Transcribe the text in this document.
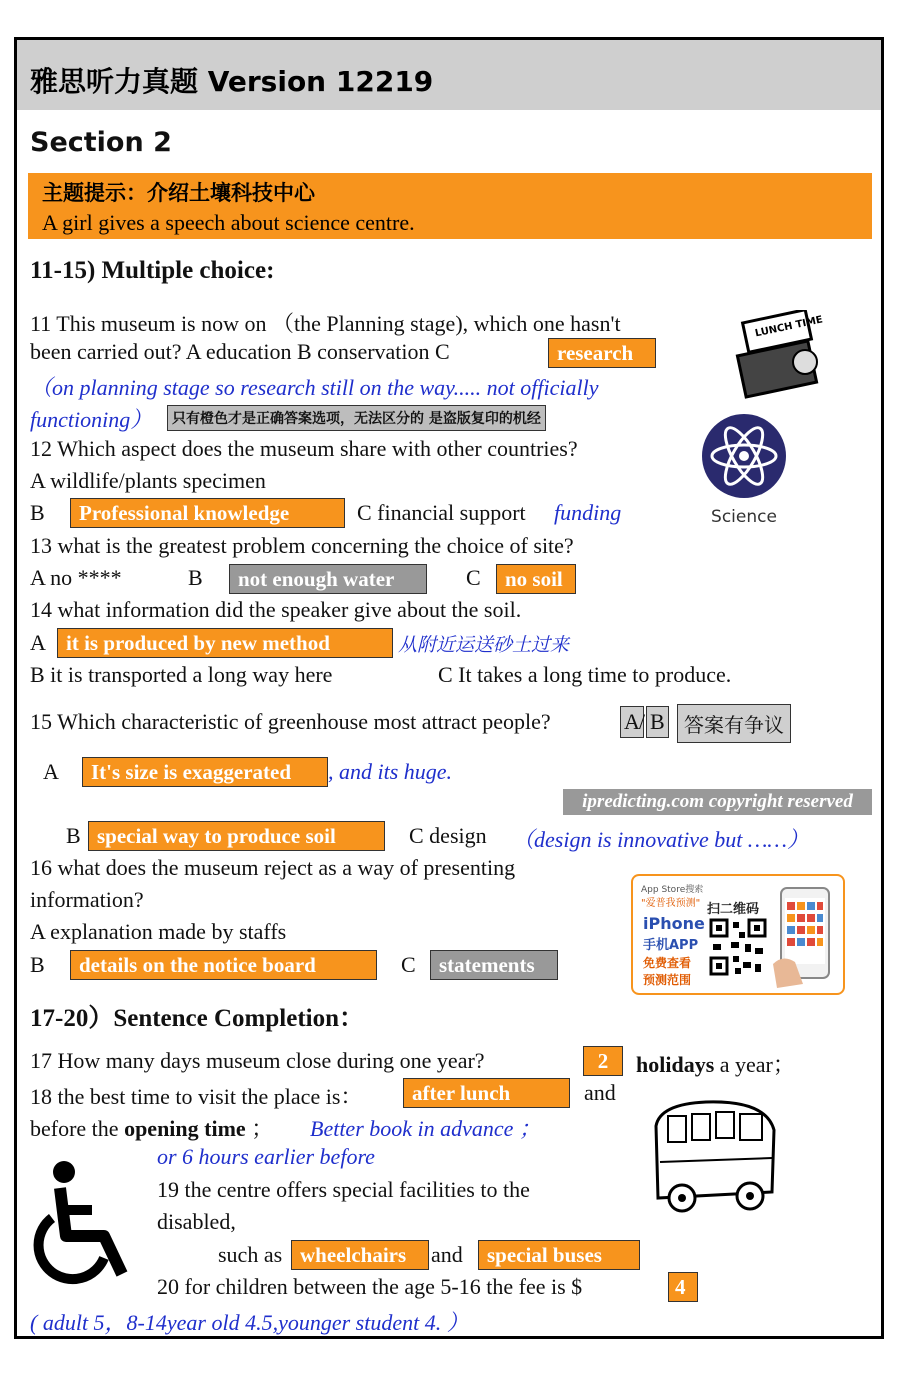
雅思听力真题 Version 12219
Section 2
主题提示：介绍土壤科技中心
A girl gives a speech about science centre.
11-15) Multiple choice:
11 This museum is now on （the Planning stage), which one hasn't
been carried out? A education B conservation C	research
（on planning stage so research still on the way..... not officially
functioning）	只有橙色才是正确答案选项，无法区分的 是盗版复印的机经
LUNCH TIME
12 Which aspect does the museum share with other countries?
A wildlife/plants specimen
B	Professional knowledge	C financial support funding	Science
13 what is the greatest problem concerning the choice of site?
A no ****	B	not enough water	C	no soil
14 what information did the speaker give about the soil.
A it is produced by new method	从附近运送砂土过来
B it is transported a long way here	C It takes a long time to produce.
15 Which characteristic of greenhouse most attract people?	A / B 答案有争议
A	It's size is exaggerated	, and its huge.
ipredicting.com copyright reserved
B special way to produce soil	C design （design is innovative but ……）
16 what does the museum reject as a way of presenting
information?
A explanation made by staffs
B	details on the notice board	C	statements
App Store搜索
"爱普我预测"
iPhone
手机APP
免费查看
预测范围
扫二维码
17-20）Sentence Completion：
17 How many days museum close during one year?	2	holidays a year；
18 the best time to visit the place is：	after lunch	and
before the opening time ； Better book in advance ；
or 6 hours earlier before
19 the centre offers special facilities to the
disabled,
such as wheelchairs	and	special buses
20 for children between the age 5-16 the fee is $	4
( adult 5，8-14year old 4.5,younger student 4. ）
